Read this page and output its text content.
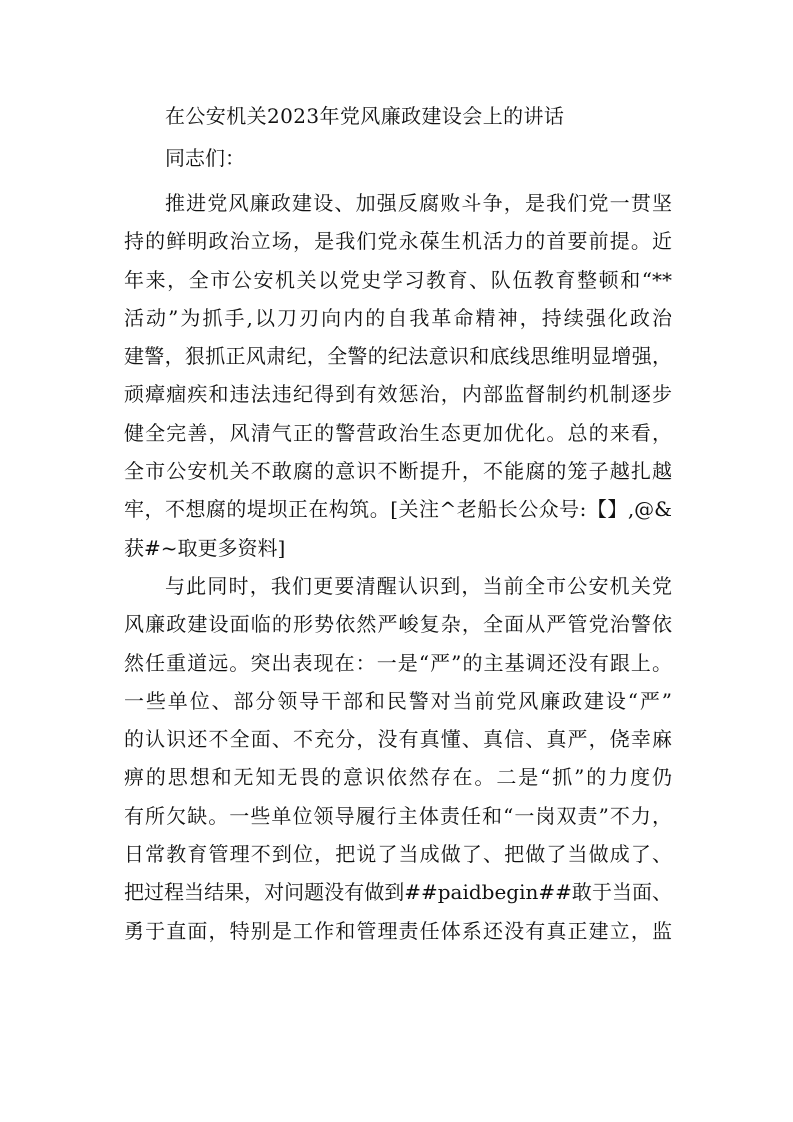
在公安机关2023年党风廉政建设会上的讲话
同志们：
推进党风廉政建设、加强反腐败斗争，是我们党一贯坚
持的鲜明政治立场，是我们党永葆生机活力的首要前提。近
年来，全市公安机关以党史学习教育、队伍教育整顿和“**
活动”为抓手,以刀刃向内的自我革命精神，持续强化政治
建警，狠抓正风肃纪，全警的纪法意识和底线思维明显增强，
顽瘴痼疾和违法违纪得到有效惩治，内部监督制约机制逐步
健全完善，风清气正的警营政治生态更加优化。总的来看，
全市公安机关不敢腐的意识不断提升，不能腐的笼子越扎越
牢，不想腐的堤坝正在构筑。[关注^老船长公众号:【】,@&
获#~取更多资料]
与此同时，我们更要清醒认识到，当前全市公安机关党
风廉政建设面临的形势依然严峻复杂，全面从严管党治警依
然任重道远。突出表现在：一是“严”的主基调还没有跟上。
一些单位、部分领导干部和民警对当前党风廉政建设“严”
的认识还不全面、不充分，没有真懂、真信、真严，侥幸麻
痹的思想和无知无畏的意识依然存在。二是“抓”的力度仍
有所欠缺。一些单位领导履行主体责任和“一岗双责”不力，
日常教育管理不到位，把说了当成做了、把做了当做成了、
把过程当结果，对问题没有做到##paidbegin##敢于当面、
勇于直面，特别是工作和管理责任体系还没有真正建立，监
